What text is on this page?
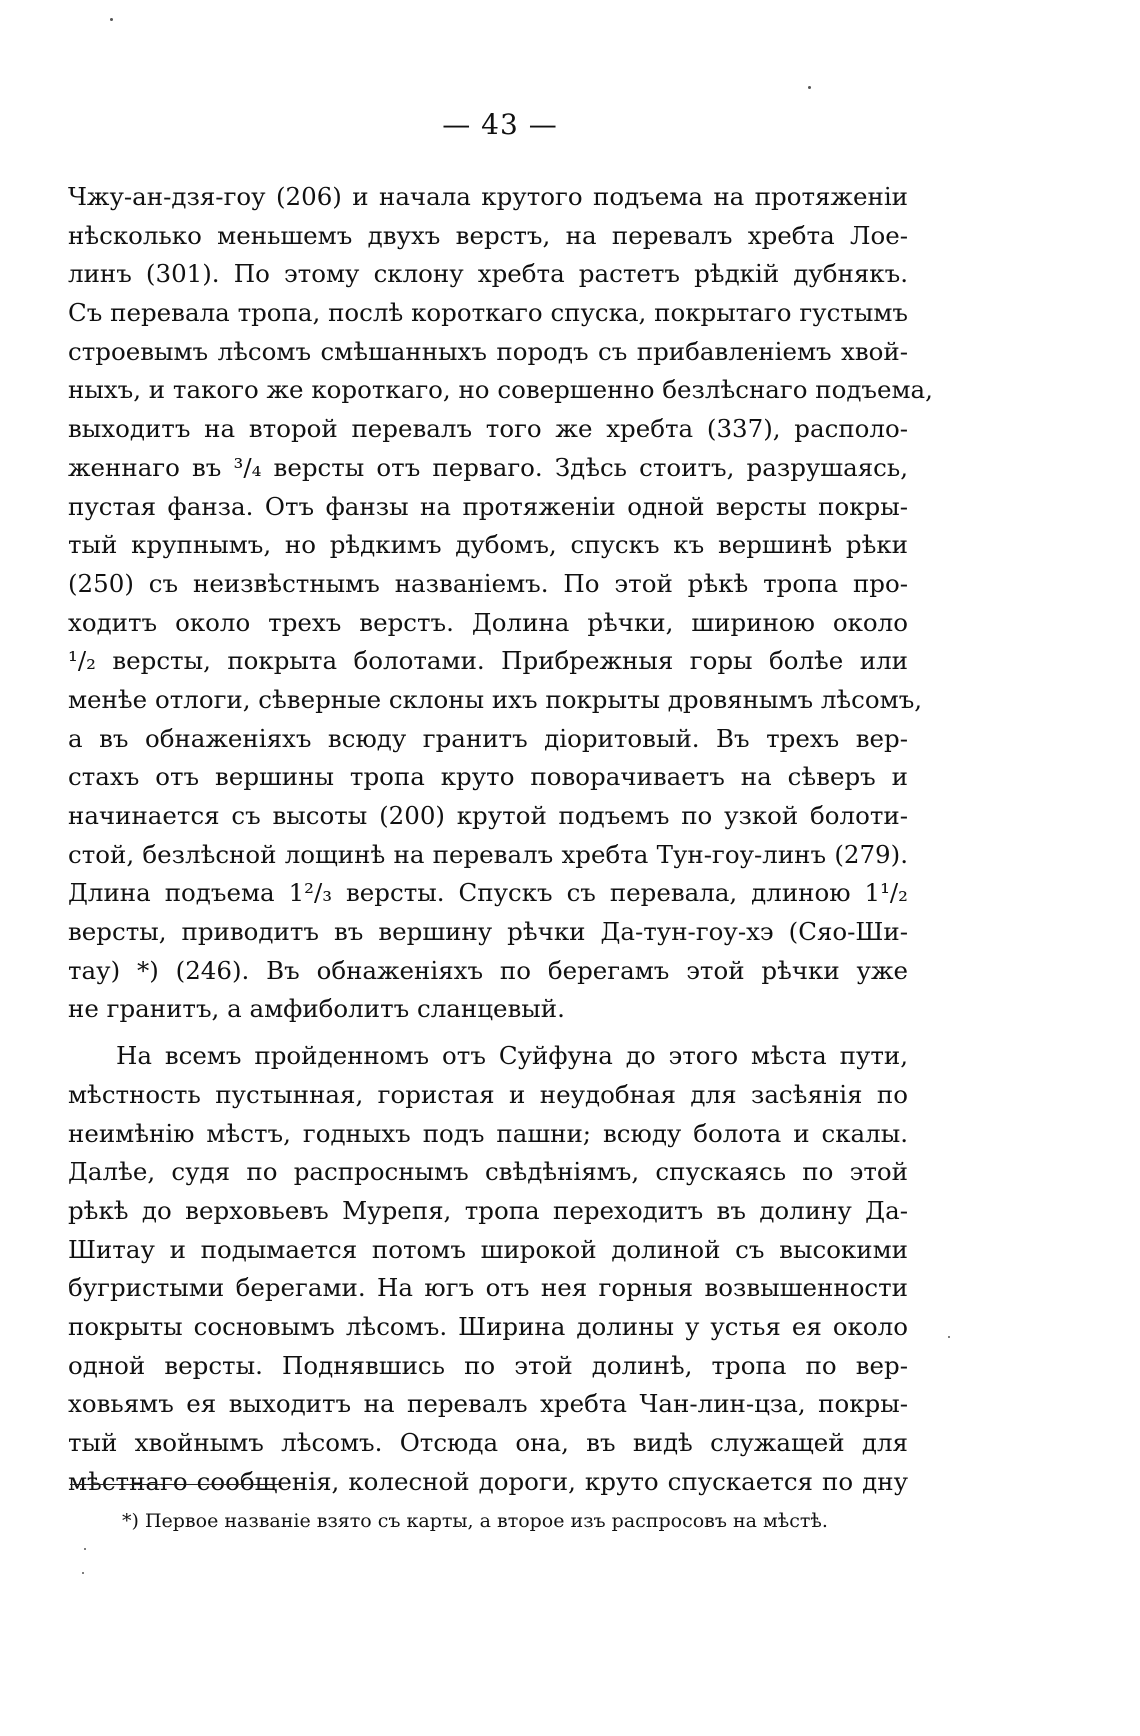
— 43 —
Чжу-ан-дзя-гоу (206) и начала крутого подъема на протяженіи
нѣсколько меньшемъ двухъ верстъ, на перевалъ хребта Лое-
линъ (301). По этому склону хребта растетъ рѣдкій дубнякъ.
Съ перевала тропа, послѣ короткаго спуска, покрытаго густымъ
строевымъ лѣсомъ смѣшанныхъ породъ съ прибавленіемъ хвой-
ныхъ, и такого же короткаго, но совершенно безлѣснаго подъема,
выходитъ на второй перевалъ того же хребта (337), располо-
женнаго въ ³/₄ версты отъ перваго. Здѣсь стоитъ, разрушаясь,
пустая фанза. Отъ фанзы на протяженіи одной версты покры-
тый крупнымъ, но рѣдкимъ дубомъ, спускъ къ вершинѣ рѣки
(250) съ неизвѣстнымъ названіемъ. По этой рѣкѣ тропа про-
ходитъ около трехъ верстъ. Долина рѣчки, шириною около
¹/₂ версты, покрыта болотами. Прибрежныя горы болѣе или
менѣе отлоги, сѣверные склоны ихъ покрыты дровянымъ лѣсомъ,
а въ обнаженіяхъ всюду гранитъ діоритовый. Въ трехъ вер-
стахъ отъ вершины тропа круто поворачиваетъ на сѣверъ и
начинается съ высоты (200) крутой подъемъ по узкой болоти-
стой, безлѣсной лощинѣ на перевалъ хребта Тун-гоу-линъ (279).
Длина подъема 1²/₃ версты. Спускъ съ перевала, длиною 1¹/₂
версты, приводитъ въ вершину рѣчки Да-тун-гоу-хэ (Сяо-Ши-
тау) *) (246). Въ обнаженіяхъ по берегамъ этой рѣчки уже
не гранитъ, а амфиболитъ сланцевый.
На всемъ пройденномъ отъ Суйфуна до этого мѣста пути,
мѣстность пустынная, гористая и неудобная для засѣянія по
неимѣнію мѣстъ, годныхъ подъ пашни; всюду болота и скалы.
Далѣе, судя по распроснымъ свѣдѣніямъ, спускаясь по этой
рѣкѣ до верховьевъ Мурепя, тропа переходитъ въ долину Да-
Шитау и подымается потомъ широкой долиной съ высокими
бугристыми берегами. На югъ отъ нея горныя возвышенности
покрыты сосновымъ лѣсомъ. Ширина долины у устья ея около
одной версты. Поднявшись по этой долинѣ, тропа по вер-
ховьямъ ея выходитъ на перевалъ хребта Чан-лин-цза, покры-
тый хвойнымъ лѣсомъ. Отсюда она, въ видѣ служащей для
мѣстнаго сообщенія, колесной дороги, круто спускается по дну
*) Первое названіе взято съ карты, а второе изъ распросовъ на мѣстѣ.
